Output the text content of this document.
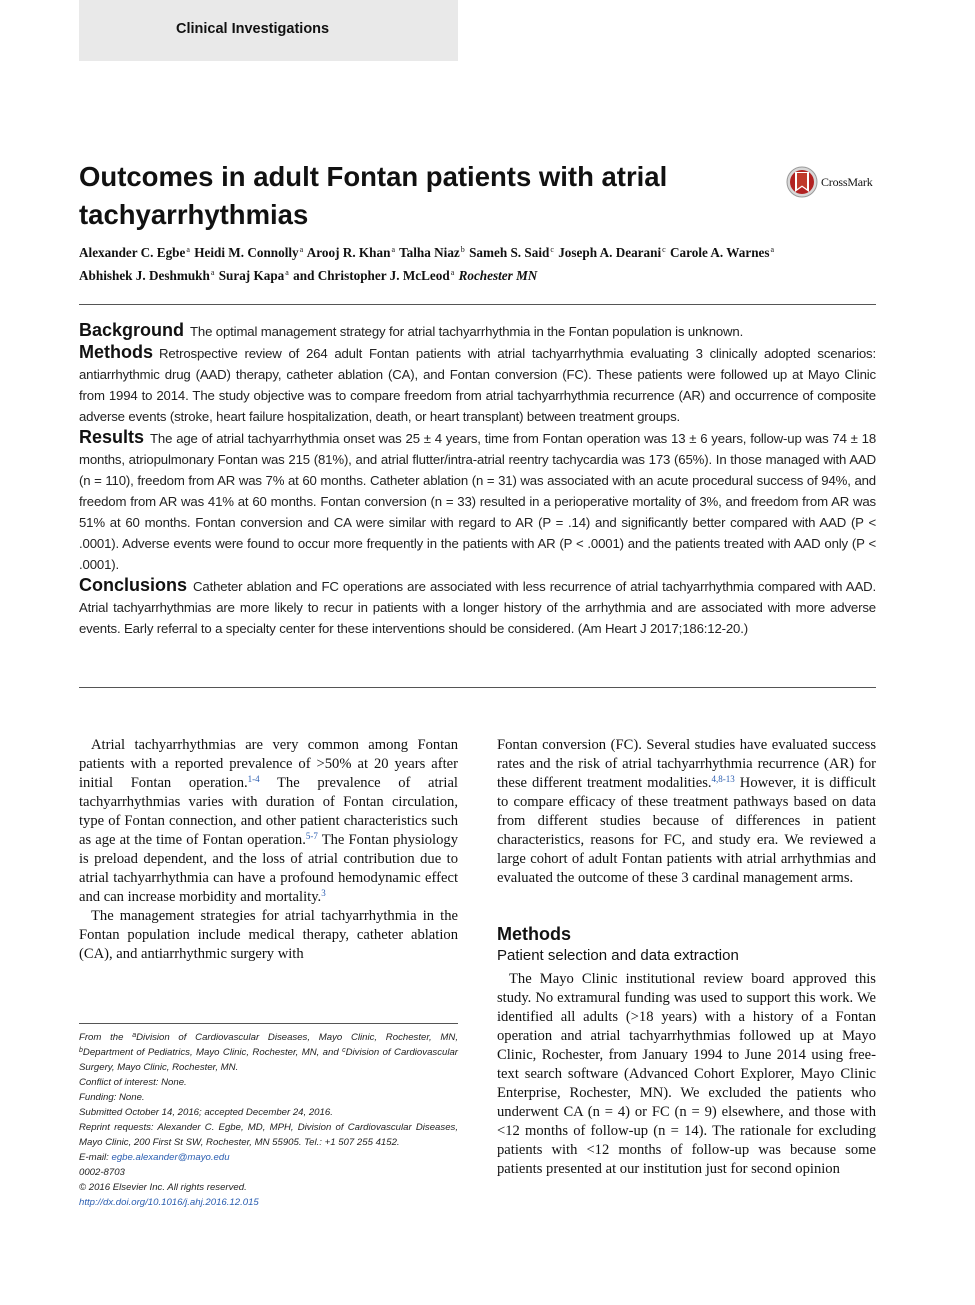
Clinical Investigations
Outcomes in adult Fontan patients with atrial tachyarrhythmias
CrossMark

Alexander C. Egbe$^a$ Heidi M. Connolly$^a$ Arooj R. Khan$^a$ Talha Niaz$^b$ Sameh S. Said$^c$ Joseph A. Dearani$^c$ Carole A. Warnes$^a$
Abhishek J. Deshmukh$^a$ Suraj Kapa$^a$ and Christopher J. McLeod$^a$ Rochester MN

Background The optimal management strategy for atrial tachyarrhythmia in the Fontan population is unknown.

Methods Retrospective review of 264 adult Fontan patients with atrial tachyarrhythmia evaluating 3 clinically adopted scenarios: antiarrhythmic drug (AAD) therapy, catheter ablation (CA), and Fontan conversion (FC). These patients were followed up at Mayo Clinic from 1994 to 2014. The study objective was to compare freedom from atrial tachyarrhythmia recurrence (AR) and occurrence of composite adverse events (stroke, heart failure hospitalization, death, or heart transplant) between treatment groups.

Results The age of atrial tachyarrhythmia onset was 25 ± 4 years, time from Fontan operation was 13 ± 6 years, follow-up was 74 ± 18 months, atriopulmonary Fontan was 215 (81%), and atrial flutter/intra-atrial reentry tachycardia was 173 (65%). In those managed with AAD (n = 110), freedom from AR was 7% at 60 months. Catheter ablation (n = 31) was associated with an acute procedural success of 94%, and freedom from AR was 41% at 60 months. Fontan conversion (n = 33) resulted in a perioperative mortality of 3%, and freedom from AR was 51% at 60 months. Fontan conversion and CA were similar with regard to AR (P = .14) and significantly better compared with AAD (P < .0001). Adverse events were found to occur more frequently in the patients with AR (P < .0001) and the patients treated with AAD only (P < .0001).

Conclusions Catheter ablation and FC operations are associated with less recurrence of atrial tachyarrhythmia compared with AAD. Atrial tachyarrhythmias are more likely to recur in patients with a longer history of the arrhythmia and are associated with more adverse events. Early referral to a specialty center for these interventions should be considered. (Am Heart J 2017;186:12-20.)

Atrial tachyarrhythmias are very common among Fontan patients with a reported prevalence of >50% at 20 years after initial Fontan operation.$^{1-4}$ The prevalence of atrial tachyarrhythmias varies with duration of Fontan circulation, type of Fontan connection, and other patient characteristics such as age at the time of Fontan operation.$^{5-7}$ The Fontan physiology is preload dependent, and the loss of atrial contribution due to atrial tachyarrhythmia can have a profound hemodynamic effect and can increase morbidity and mortality.$^3$

The management strategies for atrial tachyarrhythmia in the Fontan population include medical therapy, catheter ablation (CA), and antiarrhythmic surgery with

Fontan conversion (FC). Several studies have evaluated success rates and the risk of atrial tachyarrhythmia recurrence (AR) for these different treatment modalities.$^{4,8-13}$ However, it is difficult to compare efficacy of these treatment pathways based on data from different studies because of differences in patient characteristics, reasons for FC, and study era. We reviewed a large cohort of adult Fontan patients with atrial arrhythmias and evaluated the outcome of these 3 cardinal management arms.

Methods
Patient selection and data extraction

The Mayo Clinic institutional review board approved this study. No extramural funding was used to support this work. We identified all adults (>18 years) with a history of a Fontan operation and atrial tachyarrhythmias followed up at Mayo Clinic, Rochester, from January 1994 to June 2014 using free-text search software (Advanced Cohort Explorer, Mayo Clinic Enterprise, Rochester, MN). We excluded the patients who underwent CA (n = 4) or FC (n = 9) elsewhere, and those with <12 months of follow-up (n = 14). The rationale for excluding patients with <12 months of follow-up was because some patients presented at our institution just for second opinion

From the $^a$Division of Cardiovascular Diseases, Mayo Clinic, Rochester, MN, $^b$Department of Pediatrics, Mayo Clinic, Rochester, MN, and $^c$Division of Cardiovascular Surgery, Mayo Clinic, Rochester, MN.
Conflict of interest: None.
Funding: None.
Submitted October 14, 2016; accepted December 24, 2016.
Reprint requests: Alexander C. Egbe, MD, MPH, Division of Cardiovascular Diseases, Mayo Clinic, 200 First St SW, Rochester, MN 55905. Tel.: +1 507 255 4152.
E-mail: egbe.alexander@mayo.edu
0002-8703
© 2016 Elsevier Inc. All rights reserved.
http://dx.doi.org/10.1016/j.ahj.2016.12.015
